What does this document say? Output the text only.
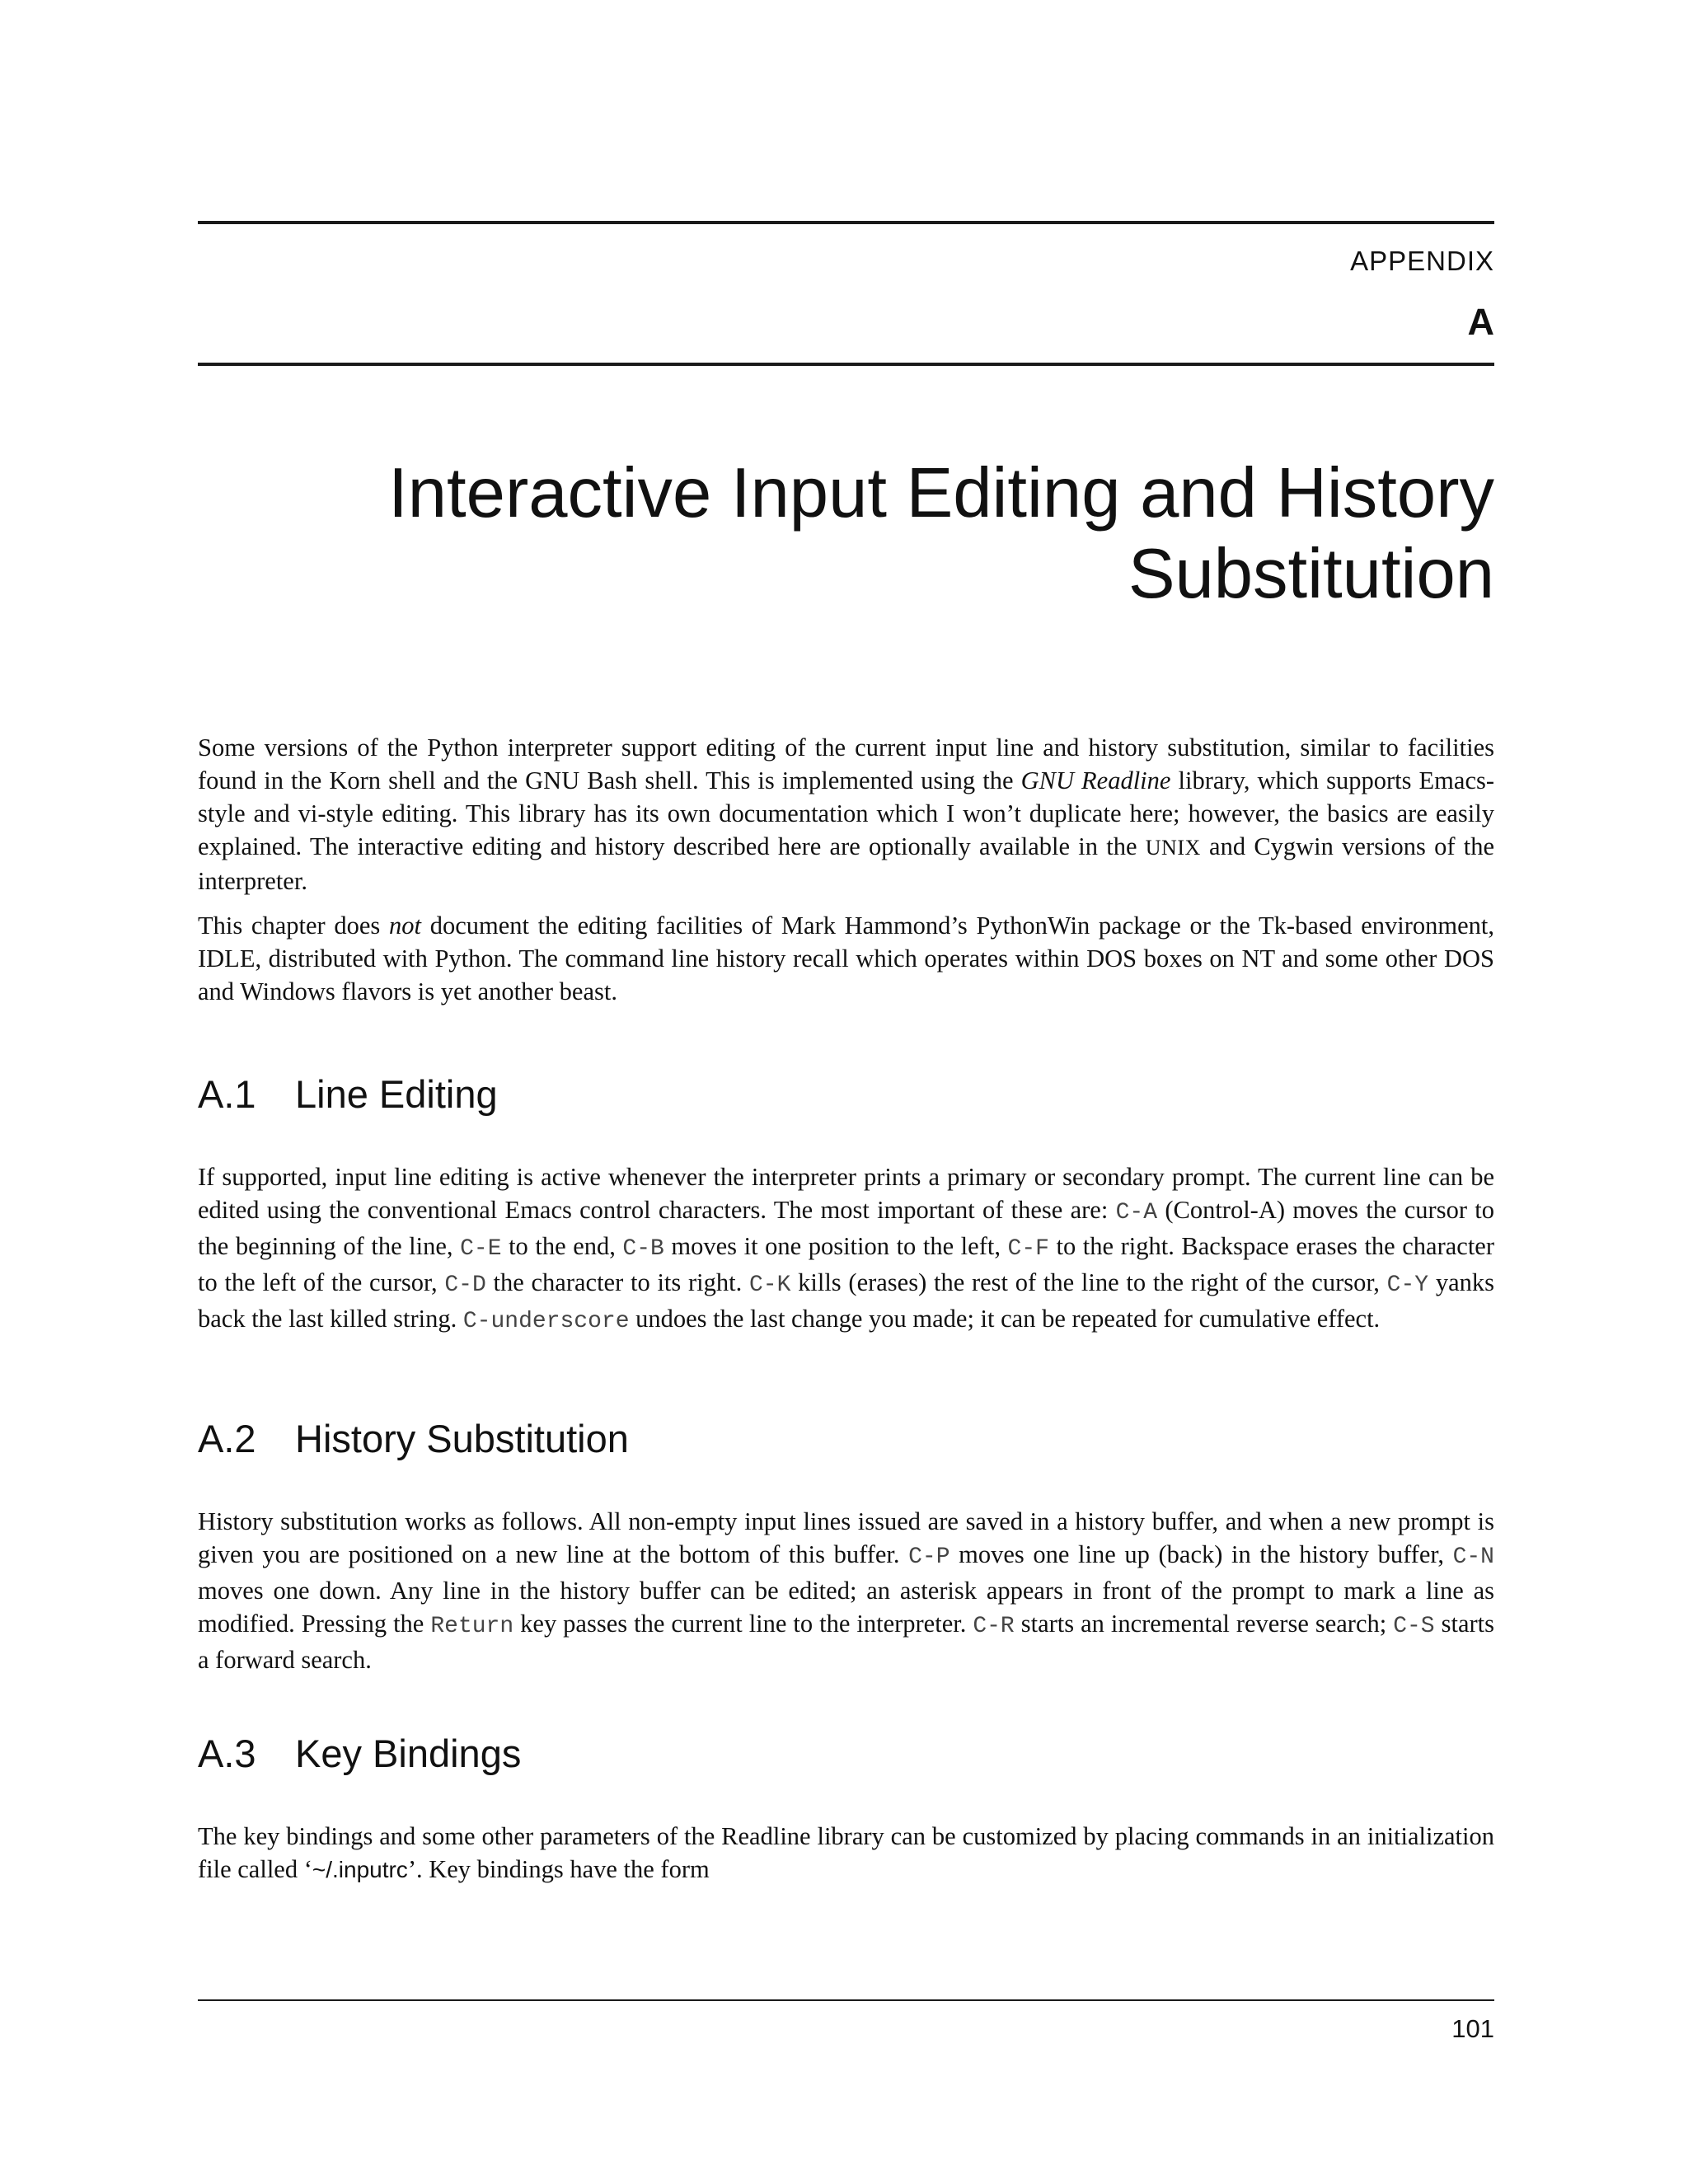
APPENDIX
A
Interactive Input Editing and History
Substitution

Some versions of the Python interpreter support editing of the current input line and history substitution, similar to facilities found in the Korn shell and the GNU Bash shell. This is implemented using the GNU Readline library, which supports Emacs-style and vi-style editing. This library has its own documentation which I won’t duplicate here; however, the basics are easily explained. The interactive editing and history described here are optionally available in the UNIX and Cygwin versions of the interpreter.

This chapter does not document the editing facilities of Mark Hammond’s PythonWin package or the Tk-based environment, IDLE, distributed with Python. The command line history recall which operates within DOS boxes on NT and some other DOS and Windows flavors is yet another beast.

A.1 Line Editing

If supported, input line editing is active whenever the interpreter prints a primary or secondary prompt. The current line can be edited using the conventional Emacs control characters. The most important of these are: C-A (Control-A) moves the cursor to the beginning of the line, C-E to the end, C-B moves it one position to the left, C-F to the right. Backspace erases the character to the left of the cursor, C-D the character to its right. C-K kills (erases) the rest of the line to the right of the cursor, C-Y yanks back the last killed string. C-underscore undoes the last change you made; it can be repeated for cumulative effect.

A.2 History Substitution

History substitution works as follows. All non-empty input lines issued are saved in a history buffer, and when a new prompt is given you are positioned on a new line at the bottom of this buffer. C-P moves one line up (back) in the history buffer, C-N moves one down. Any line in the history buffer can be edited; an asterisk appears in front of the prompt to mark a line as modified. Pressing the Return key passes the current line to the interpreter. C-R starts an incremental reverse search; C-S starts a forward search.

A.3 Key Bindings

The key bindings and some other parameters of the Readline library can be customized by placing commands in an initialization file called ‘~/.inputrc’. Key bindings have the form

101
